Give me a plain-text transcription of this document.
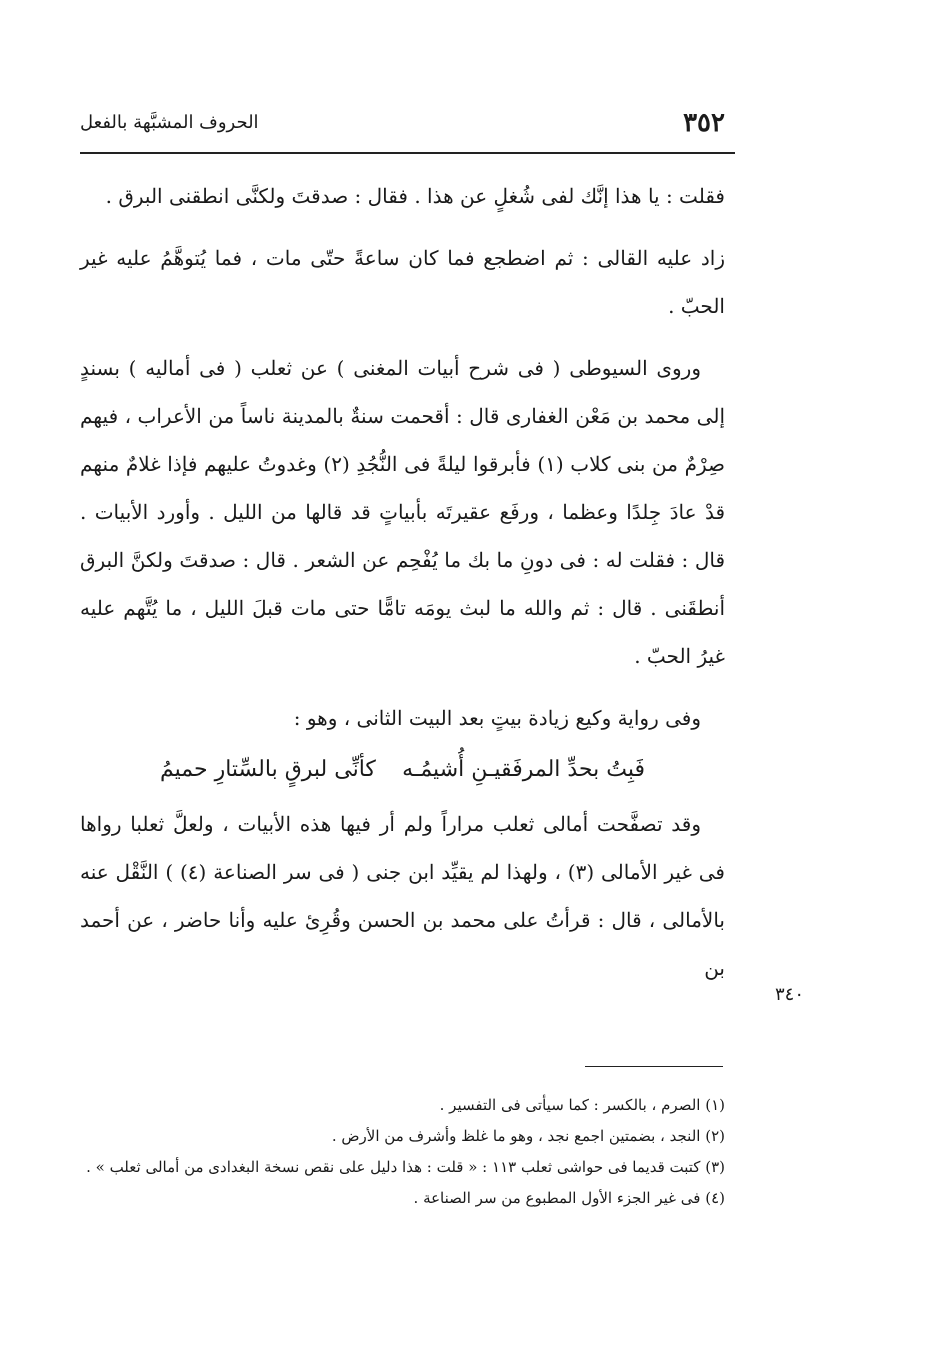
٣٥٢
الحروف المشبَّهة بالفعل

فقلت : يا هذا إنَّك لفى شُغلٍ عن هذا . فقال : صدقتَ ولكنَّى انطقنى البرق .

زاد عليه القالى : ثم اضطجع فما كان ساعةً حتّى مات ، فما يُتوهَّمُ عليه غير الحبّ .

وروى السيوطى ( فى شرح أبيات المغنى ) عن ثعلب ( فى أماليه ) بسندٍ إلى محمد بن مَعْن الغفارى قال : أقحمت سنةٌ بالمدينة ناساً من الأعراب ، فيهم صِرْمٌ من بنى كلاب (١) فأبرقوا ليلةً فى النُّجُدِ (٢) وغدوتُ عليهم فإذا غلامٌ منهم قدْ عادَ جِلدًا وعظما ، ورفَع عقيرتَه بأبياتٍ قد قالها من الليل . وأورد الأبيات . قال : فقلت له : فى دونِ ما بك ما يُفْحِم عن الشعر . قال : صدقتَ ولكنَّ البرق أنطقَنى . قال : ثم والله ما لبث يومَه تامًّا حتى مات قبلَ الليل ، ما يُتَّهم عليه غيرُ الحبّ .

وفى رواية وكيع زيادة بيتٍ بعد البيت الثانى ، وهو :

فَبِتُ بحدِّ المرفَقيـنِ أُشيمُـه
كأنِّى لبرقٍ بالسِّتارِ حميمُ

وقد تصفَّحت أمالى ثعلب مراراً ولم أر فيها هذه الأبيات ، ولعلَّ ثعلبا رواها فى غير الأمالى (٣) ، ولهذا لم يقيِّد ابن جنى ( فى سر الصناعة (٤) ) النَّقْل عنه بالأمالى ، قال : قرأتُ على محمد بن الحسن وقُرِئ عليه وأنا حاضر ، عن أحمد بن

٣٤٠

(١) الصرم ، بالكسر : كما سيأتى فى التفسير .

(٢) النجد ، بضمتين اجمع نجد ، وهو ما غلظ وأشرف من الأرض .

(٣) كتبت قديما فى حواشى ثعلب ١١٣ : « قلت : هذا دليل على نقص نسخة البغدادى من أمالى ثعلب » .

(٤) فى غير الجزء الأول المطبوع من سر الصناعة .
